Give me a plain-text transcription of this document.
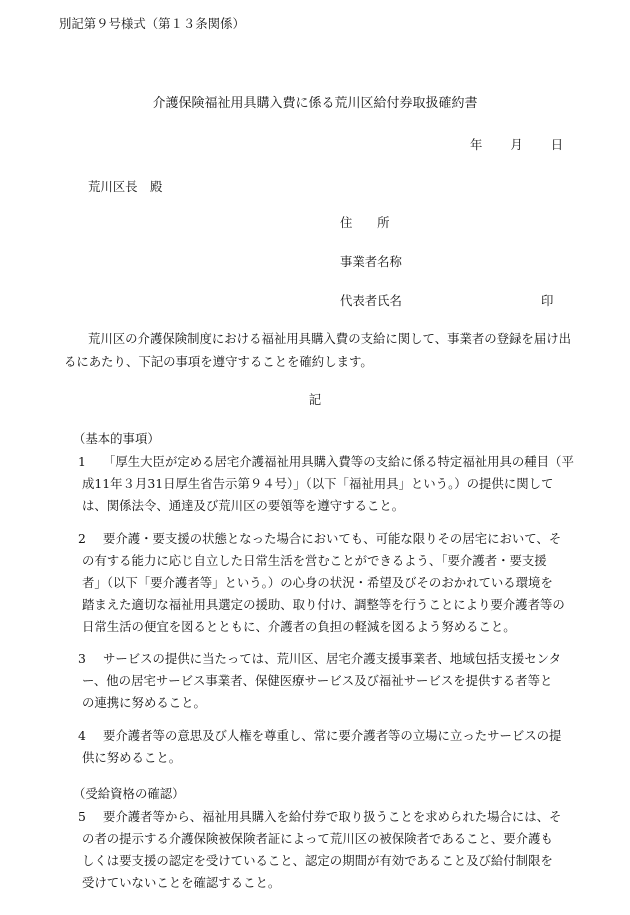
別記第９号様式（第１３条関係）
介護保険福祉用具購入費に係る荒川区給付券取扱確約書
年 月 日
荒川区長　殿
住　　所
事業者名称
代表者氏名	印
荒川区の介護保険制度における福祉用具購入費の支給に関して、事業者の登録を届け出
るにあたり、下記の事項を遵守することを確約します。
記
（基本的事項）
1	「厚生大臣が定める居宅介護福祉用具購入費等の支給に係る特定福祉用具の種目（平
成11年３月31日厚生省告示第９４号）」（以下「福祉用具」という。）の提供に関して
は、関係法令、通達及び荒川区の要領等を遵守すること。
2	要介護・要支援の状態となった場合においても、可能な限りその居宅において、そ
の有する能力に応じ自立した日常生活を営むことができるよう、「要介護者・要支援
者」（以下「要介護者等」という。）の心身の状況・希望及びそのおかれている環境を
踏まえた適切な福祉用具選定の援助、取り付け、調整等を行うことにより要介護者等の
日常生活の便宜を図るとともに、介護者の負担の軽減を図るよう努めること。
3	サービスの提供に当たっては、荒川区、居宅介護支援事業者、地域包括支援センタ
ー、他の居宅サービス事業者、保健医療サービス及び福祉サービスを提供する者等と
の連携に努めること。
4	要介護者等の意思及び人権を尊重し、常に要介護者等の立場に立ったサービスの提
供に努めること。
（受給資格の確認）
5	要介護者等から、福祉用具購入を給付券で取り扱うことを求められた場合には、そ
の者の提示する介護保険被保険者証によって荒川区の被保険者であること、要介護も
しくは要支援の認定を受けていること、認定の期間が有効であること及び給付制限を
受けていないことを確認すること。
